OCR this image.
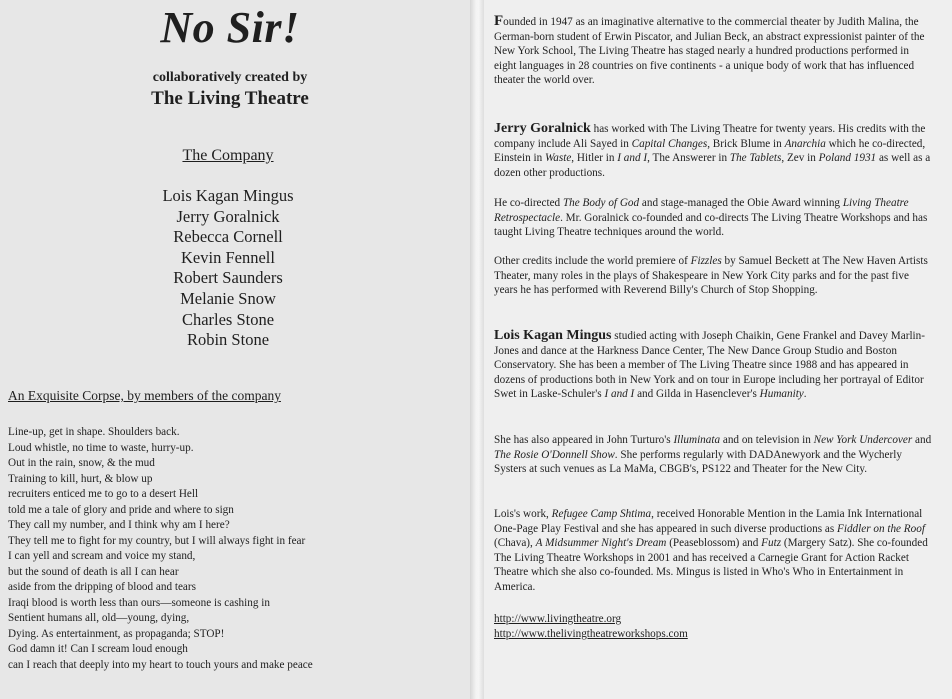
No Sir!
collaboratively created by
The Living Theatre
The Company
Lois Kagan Mingus
Jerry Goralnick
Rebecca Cornell
Kevin Fennell
Robert Saunders
Melanie Snow
Charles Stone
Robin Stone
An Exquisite Corpse, by members of the company
Line-up, get in shape. Shoulders back.
Loud whistle, no time to waste, hurry-up.
Out in the rain, snow, & the mud
Training to kill, hurt, & blow up
recruiters enticed me to go to a desert Hell
told me a tale of glory and pride and where to sign
They call my number, and I think why am I here?
They tell me to fight for my country, but I will always fight in fear
I can yell and scream and voice my stand,
but the sound of death is all I can hear
aside from the dripping of blood and tears
Iraqi blood is worth less than ours—someone is cashing in
Sentient humans all, old—young, dying,
Dying. As entertainment, as propaganda; STOP!
God damn it! Can I scream loud enough
can I reach that deeply into my heart to touch yours and make peace
Founded in 1947 as an imaginative alternative to the commercial theater by Judith Malina, the German-born student of Erwin Piscator, and Julian Beck, an abstract expressionist painter of the New York School, The Living Theatre has staged nearly a hundred productions performed in eight languages in 28 countries on five continents - a unique body of work that has influenced theater the world over.
Jerry Goralnick has worked with The Living Theatre for twenty years. His credits with the company include Ali Sayed in Capital Changes, Brick Blume in Anarchia which he co-directed, Einstein in Waste, Hitler in I and I, The Answerer in The Tablets, Zev in Poland 1931 as well as a dozen other productions.
He co-directed The Body of God and stage-managed the Obie Award winning Living Theatre Retrospectacle. Mr. Goralnick co-founded and co-directs The Living Theatre Workshops and has taught Living Theatre techniques around the world.
Other credits include the world premiere of Fizzles by Samuel Beckett at The New Haven Artists Theater, many roles in the plays of Shakespeare in New York City parks and for the past five years he has performed with Reverend Billy's Church of Stop Shopping.
Lois Kagan Mingus studied acting with Joseph Chaikin, Gene Frankel and Davey Marlin-Jones and dance at the Harkness Dance Center, The New Dance Group Studio and Boston Conservatory. She has been a member of The Living Theatre since 1988 and has appeared in dozens of productions both in New York and on tour in Europe including her portrayal of Editor Swet in Laske-Schuler's I and I and Gilda in Hasenclever's Humanity.
She has also appeared in John Turturo's Illuminata and on television in New York Undercover and The Rosie O'Donnell Show. She performs regularly with DADAnewyork and the Wycherly Systers at such venues as La MaMa, CBGB's, PS122 and Theater for the New City.
Lois's work, Refugee Camp Shtima, received Honorable Mention in the Lamia Ink International One-Page Play Festival and she has appeared in such diverse productions as Fiddler on the Roof (Chava), A Midsummer Night's Dream (Peaseblossom) and Futz (Margery Satz). She co-founded The Living Theatre Workshops in 2001 and has received a Carnegie Grant for Action Racket Theatre which she also co-founded. Ms. Mingus is listed in Who's Who in Entertainment in America.
http://www.livingtheatre.org
http://www.thelivingtheatreworkshops.com
